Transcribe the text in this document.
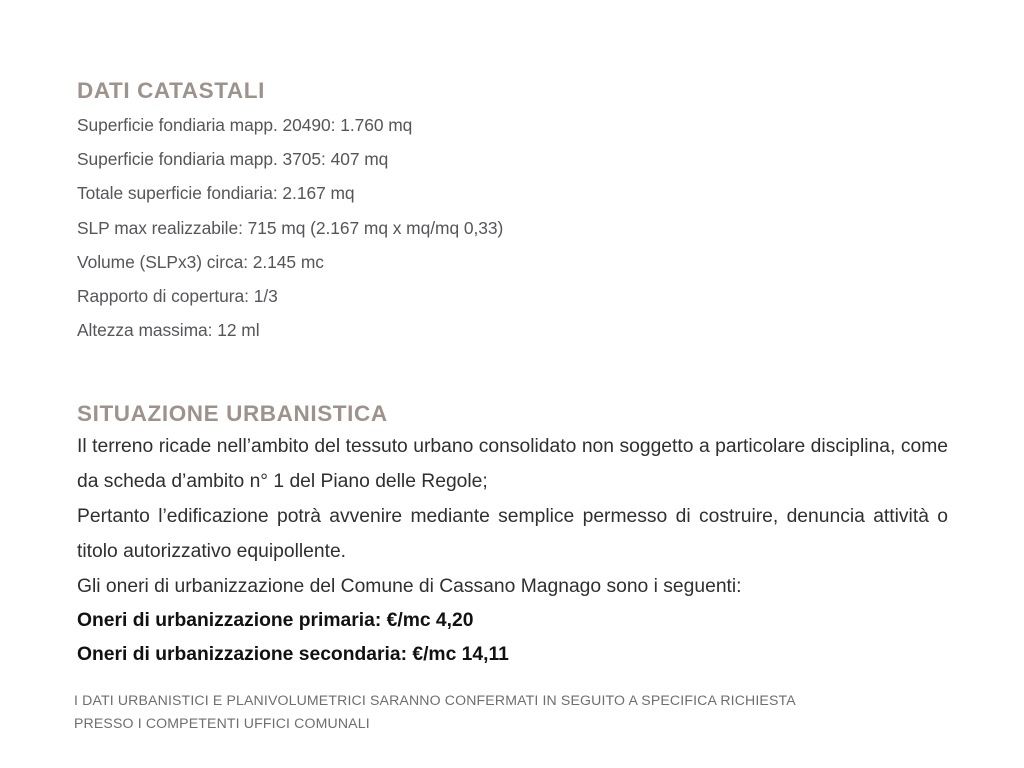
DATI CATASTALI
Superficie fondiaria mapp. 20490: 1.760 mq
Superficie fondiaria mapp. 3705: 407 mq
Totale superficie fondiaria: 2.167 mq
SLP max realizzabile: 715 mq (2.167 mq x mq/mq 0,33)
Volume (SLPx3) circa: 2.145 mc
Rapporto di copertura: 1/3
Altezza massima: 12 ml
SITUAZIONE URBANISTICA

Il terreno ricade nell’ambito del tessuto urbano consolidato non soggetto a particolare disciplina, come da scheda d’ambito n° 1 del Piano delle Regole;

Pertanto l’edificazione potrà avvenire mediante semplice permesso di costruire, denuncia attività o titolo autorizzativo equipollente.

Gli oneri di urbanizzazione del Comune di Cassano Magnago sono i seguenti:

Oneri di urbanizzazione primaria: €/mc 4,20

Oneri di urbanizzazione secondaria: €/mc 14,11

I DATI URBANISTICI E PLANIVOLUMETRICI SARANNO CONFERMATI IN SEGUITO A SPECIFICA RICHIESTA
PRESSO I COMPETENTI UFFICI COMUNALI
